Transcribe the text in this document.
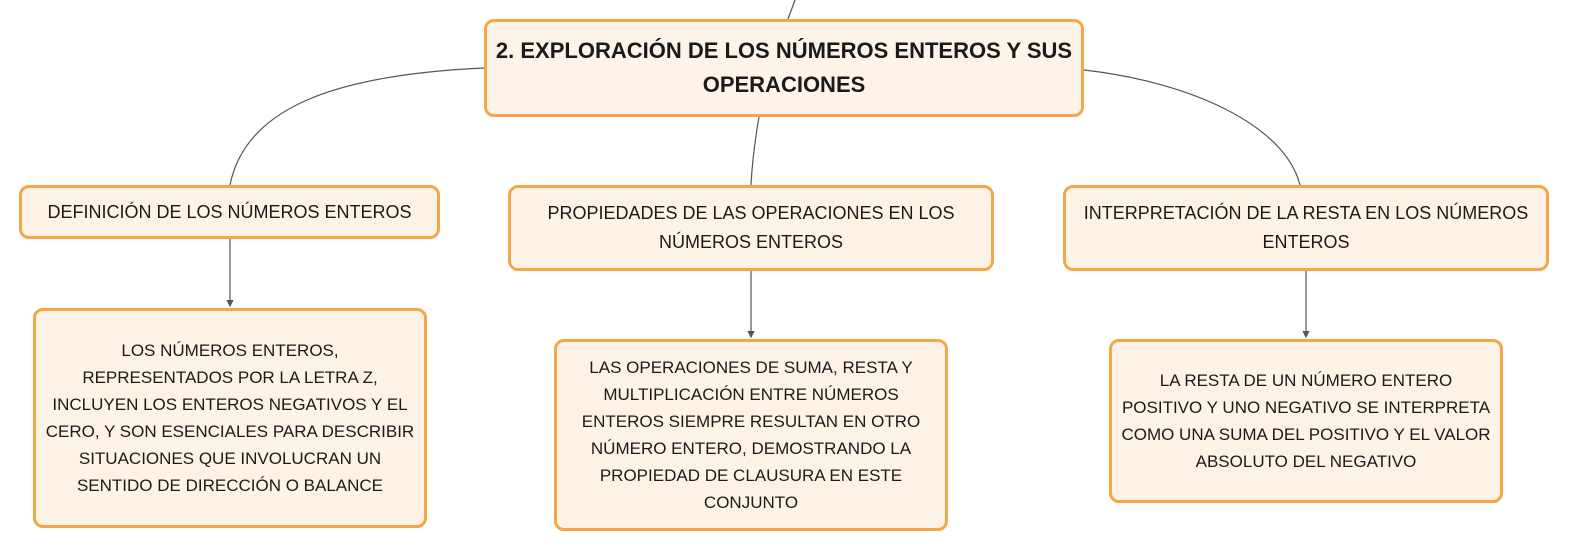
2. EXPLORACIÓN DE LOS NÚMEROS ENTEROS Y SUS OPERACIONES
DEFINICIÓN DE LOS NÚMEROS ENTEROS	PROPIEDADES DE LAS OPERACIONES EN LOS NÚMEROS ENTEROS
INTERPRETACIÓN DE LA RESTA EN LOS NÚMEROS ENTEROS
LOS NÚMEROS ENTEROS, REPRESENTADOS POR LA LETRA Z, INCLUYEN LOS ENTEROS NEGATIVOS Y EL CERO, Y SON ESENCIALES PARA DESCRIBIR SITUACIONES QUE INVOLUCRAN UN SENTIDO DE DIRECCIÓN O BALANCE
LAS OPERACIONES DE SUMA, RESTA Y MULTIPLICACIÓN ENTRE NÚMEROS ENTEROS SIEMPRE RESULTAN EN OTRO NÚMERO ENTERO, DEMOSTRANDO LA PROPIEDAD DE CLAUSURA EN ESTE CONJUNTO
LA RESTA DE UN NÚMERO ENTERO POSITIVO Y UNO NEGATIVO SE INTERPRETA COMO UNA SUMA DEL POSITIVO Y EL VALOR ABSOLUTO DEL NEGATIVO
